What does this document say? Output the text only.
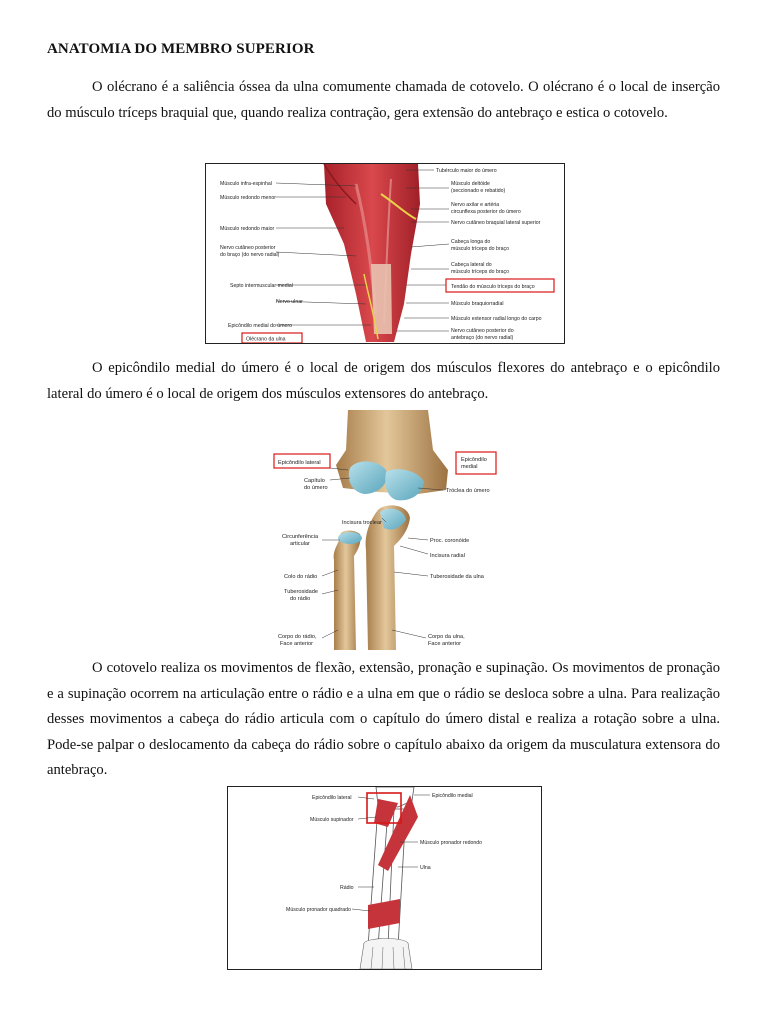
ANATOMIA DO MEMBRO SUPERIOR

O olécrano é a saliência óssea da ulna comumente chamada de cotovelo. O olécrano é o local de inserção do músculo tríceps braquial que, quando realiza contração, gera extensão do antebraço e estica o cotovelo.

Músculo infra-espinhal
Músculo redondo menor
Músculo redondo maior
Nervo cutâneo posterior
do braço (do nervo radial)
Septo intermuscular medial
Nervo ulnar
Epicôndilo medial do úmero
Olécrano da ulna
Tubérculo maior do úmero
Músculo deltóide
(seccionado e rebatido)
Nervo axilar e artéria
circunflexa posterior do úmero
Nervo cutâneo braquial lateral superior
Cabeça longa do
músculo tríceps do braço
Cabeça lateral do
músculo tríceps do braço
Tendão do músculo tríceps do braço
Músculo braquiorradial
Músculo extensor radial longo do carpo
Nervo cutâneo posterior do
antebraço (do nervo radial)

O epicôndilo medial do úmero é o local de origem dos músculos flexores do antebraço e o epicôndilo lateral do úmero é o local de origem dos músculos extensores do antebraço.

Epicôndilo lateral
Capítulo
do úmero
Incisura troclear
Circunferência
articular
Colo do rádio
Tuberosidade
do rádio
Corpo do rádio,
Face anterior
Epicôndilo
medial
Tróclea do úmero
Proc. coronóide
Incisura radial
Tuberosidade da ulna
Corpo da ulna,
Face anterior

O cotovelo realiza os movimentos de flexão, extensão, pronação e supinação. Os movimentos de pronação e a supinação ocorrem na articulação entre o rádio e a ulna em que o rádio se desloca sobre a ulna. Para realização desses movimentos a cabeça do rádio articula com o capítulo do úmero distal e realiza a rotação sobre a ulna. Pode-se palpar o deslocamento da cabeça do rádio sobre o capítulo abaixo da origem da musculatura extensora do antebraço.

Epicôndilo lateral
Músculo supinador
Rádio
Músculo pronador quadrado
Epicôndilo medial
Músculo pronador redondo
Ulna
